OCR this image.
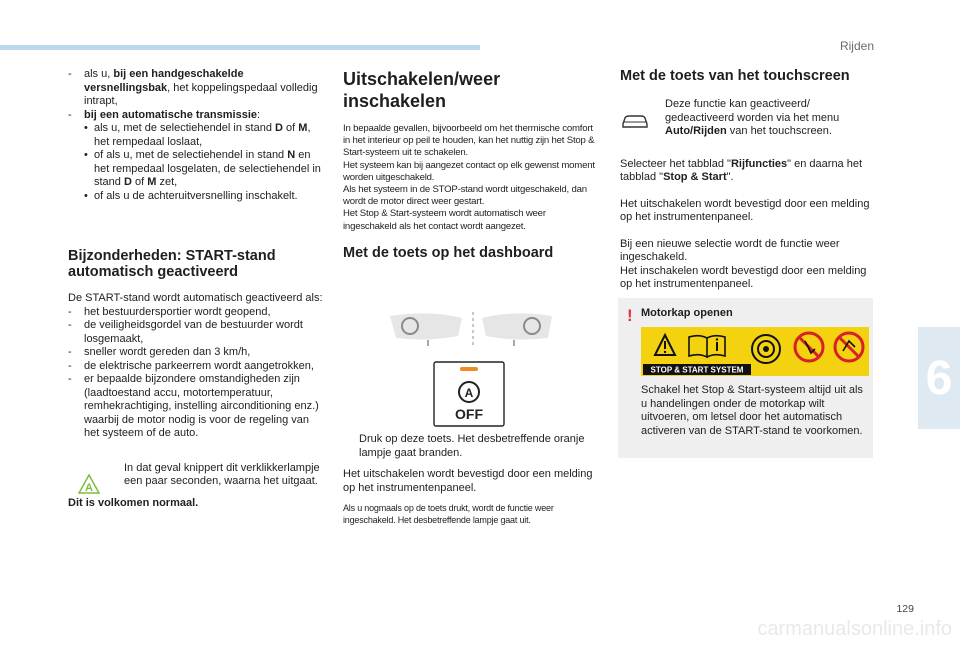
Rijden
6
129
carmanualsonline.info
-	als u, bij een handgeschakelde versnellingsbak, het koppelingspedaal volledig intrapt,
-	bij een automatische transmissie:
• als u, met de selectiehendel in stand D of M, het rempedaal loslaat,
• of als u, met de selectiehendel in stand N en het rempedaal losgelaten, de selectiehendel in stand D of M zet,
• of als u de achteruitversnelling inschakelt.
Bijzonderheden: START-stand automatisch geactiveerd

De START-stand wordt automatisch geactiveerd als:

-	het bestuurdersportier wordt geopend,
-	de veiligheidsgordel van de bestuurder wordt losgemaakt,
-	sneller wordt gereden dan 3 km/h,
-	de elektrische parkeerrem wordt aangetrokken,
-	er bepaalde bijzondere omstandigheden zijn (laadtoestand accu, motortemperatuur, remhekrachtiging, instelling airconditioning enz.) waarbij de motor nodig is voor de regeling van het systeem of de auto.
A

In dat geval knippert dit verklikkerlampje een paar seconden, waarna het uitgaat.

Dit is volkomen normaal.

Uitschakelen/weer inschakelen

In bepaalde gevallen, bijvoorbeeld om het thermische comfort in het interieur op peil te houden, kan het nuttig zijn het Stop & Start-systeem uit te schakelen.

Het systeem kan bij aangezet contact op elk gewenst moment worden uitgeschakeld.

Als het systeem in de STOP-stand wordt uitgeschakeld, dan wordt de motor direct weer gestart.

Het Stop & Start-systeem wordt automatisch weer ingeschakeld als het contact wordt aangezet.

Met de toets op het dashboard
A
OFF
Druk op deze toets. Het desbetreffende oranje lampje gaat branden.

Het uitschakelen wordt bevestigd door een melding op het instrumentenpaneel.

Als u nogmaals op de toets drukt, wordt de functie weer ingeschakeld. Het desbetreffende lampje gaat uit.

Met de toets van het touchscreen

Deze functie kan geactiveerd/ gedeactiveerd worden via het menu Auto/Rijden van het touchscreen.

Selecteer het tabblad "Rijfuncties" en daarna het tabblad "Stop & Start".

Het uitschakelen wordt bevestigd door een melding op het instrumentenpaneel.

Bij een nieuwe selectie wordt de functie weer ingeschakeld.

Het inschakelen wordt bevestigd door een melding op het instrumentenpaneel.

! Motorkap openen
STOP & START SYSTEM

Schakel het Stop & Start-systeem altijd uit als u handelingen onder de motorkap wilt uitvoeren, om letsel door het automatisch activeren van de START-stand te voorkomen.
